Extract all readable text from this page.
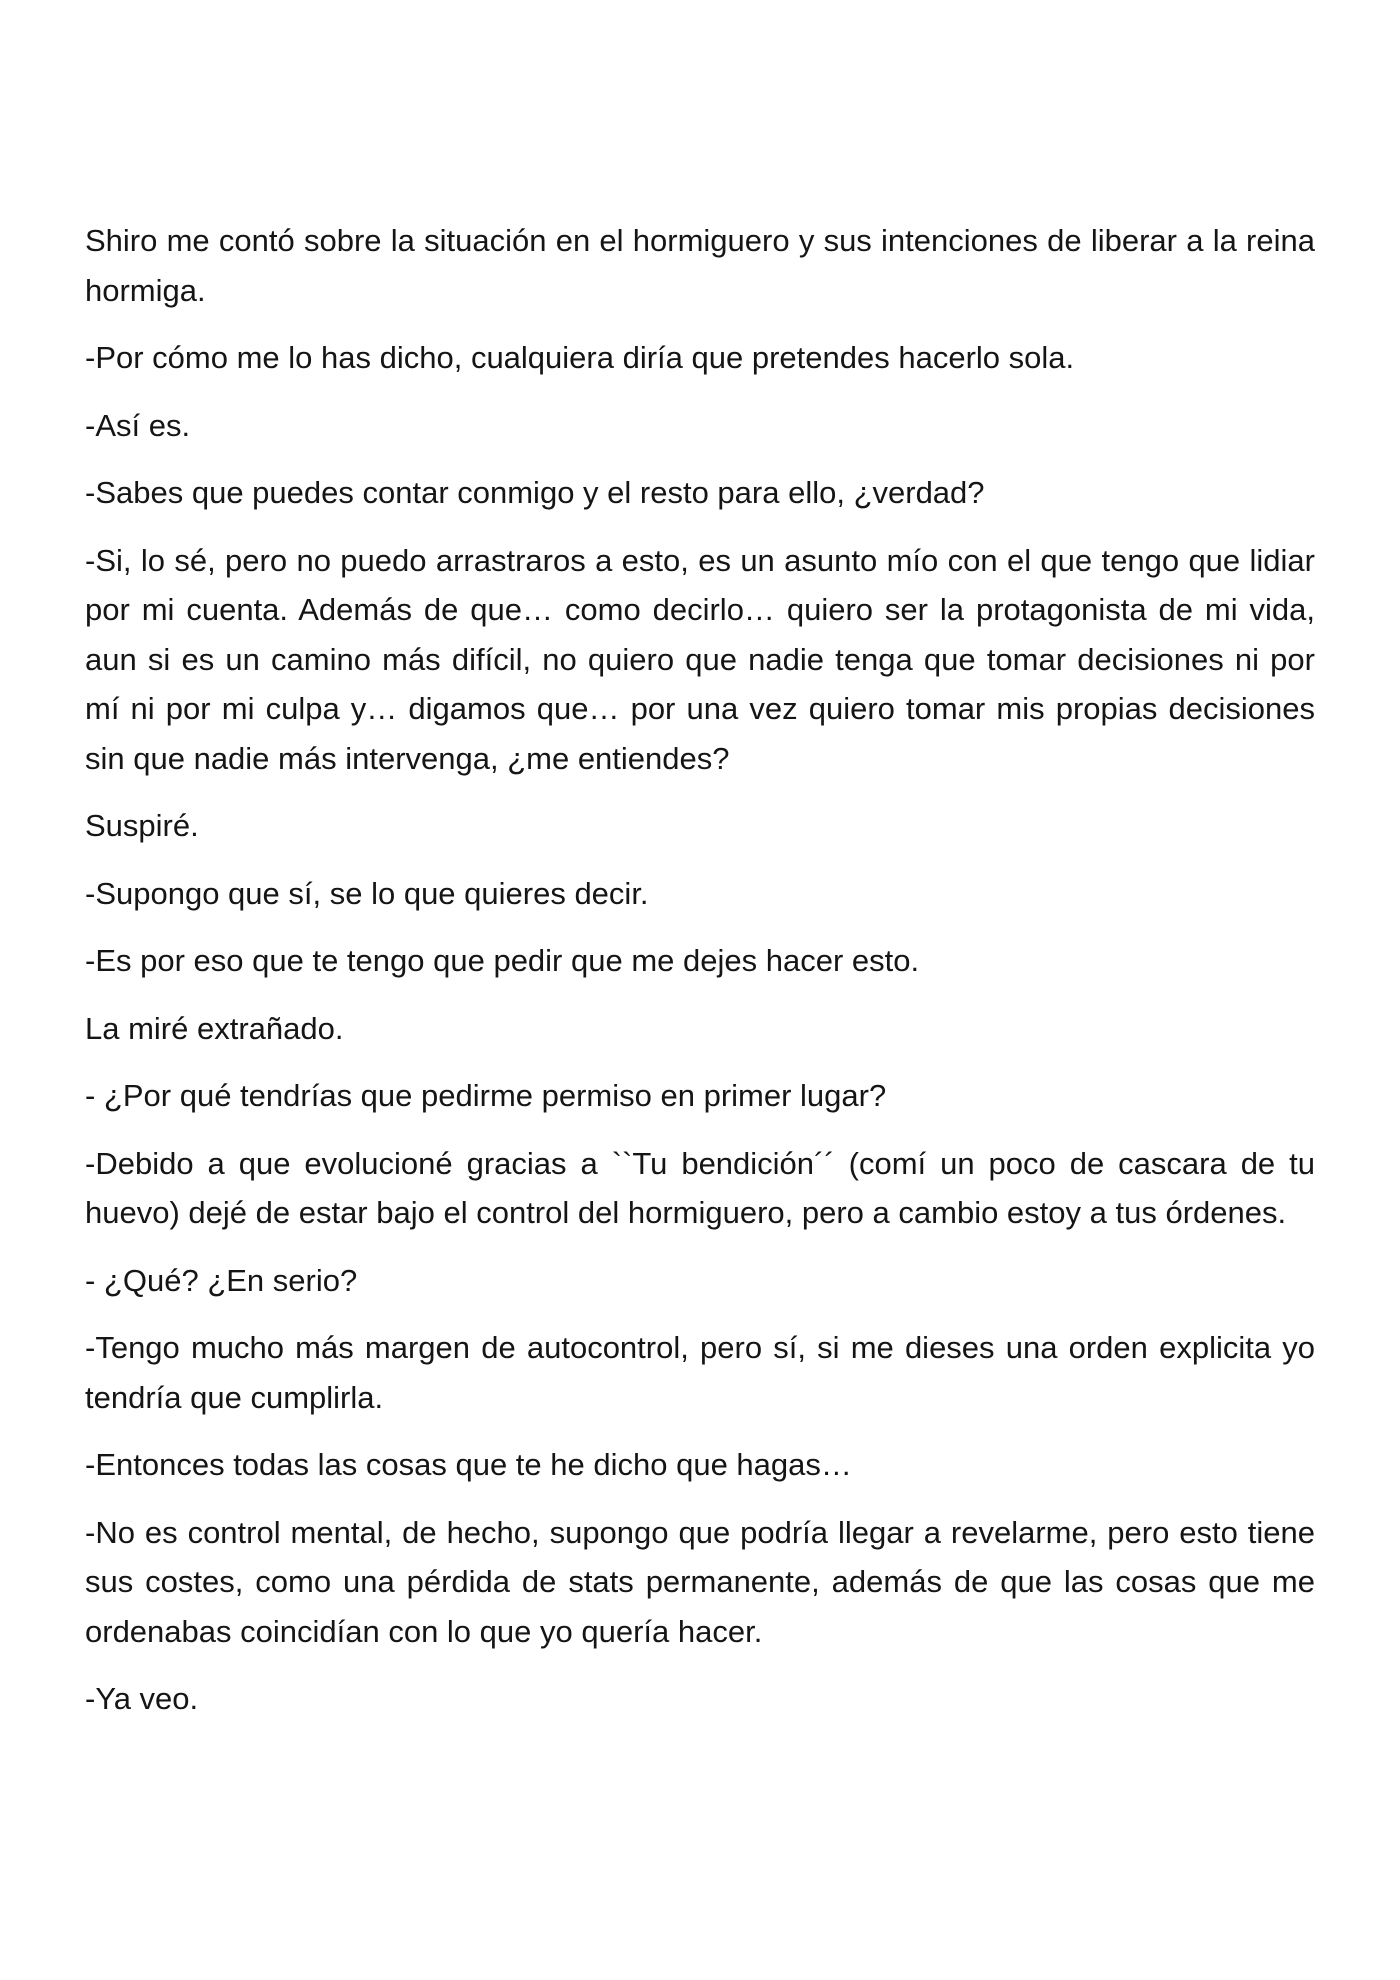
Shiro me contó sobre la situación en el hormiguero y sus intenciones de liberar a la reina hormiga.

-Por cómo me lo has dicho, cualquiera diría que pretendes hacerlo sola.

-Así es.

-Sabes que puedes contar conmigo y el resto para ello, ¿verdad?

-Si, lo sé, pero no puedo arrastraros a esto, es un asunto mío con el que tengo que lidiar por mi cuenta. Además de que… como decirlo… quiero ser la protagonista de mi vida, aun si es un camino más difícil, no quiero que nadie tenga que tomar decisiones ni por mí ni por mi culpa y… digamos que… por una vez quiero tomar mis propias decisiones sin que nadie más intervenga, ¿me entiendes?

Suspiré.

-Supongo que sí, se lo que quieres decir.

-Es por eso que te tengo que pedir que me dejes hacer esto.

La miré extrañado.

- ¿Por qué tendrías que pedirme permiso en primer lugar?

-Debido a que evolucioné gracias a ``Tu bendición´´ (comí un poco de cascara de tu huevo) dejé de estar bajo el control del hormiguero, pero a cambio estoy a tus órdenes.

- ¿Qué? ¿En serio?

-Tengo mucho más margen de autocontrol, pero sí, si me dieses una orden explicita yo tendría que cumplirla.

-Entonces todas las cosas que te he dicho que hagas…

-No es control mental, de hecho, supongo que podría llegar a revelarme, pero esto tiene sus costes, como una pérdida de stats permanente, además de que las cosas que me ordenabas coincidían con lo que yo quería hacer.

-Ya veo.
